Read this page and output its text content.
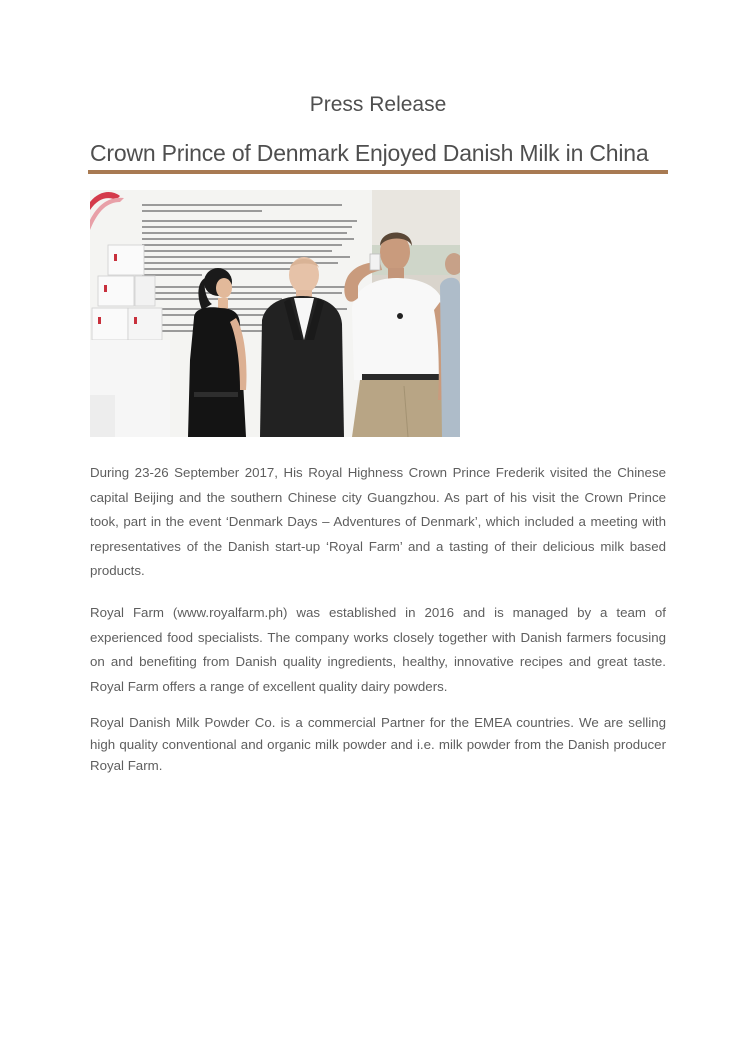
Press Release
Crown Prince of Denmark Enjoyed Danish Milk in China

During 23-26 September 2017, His Royal Highness Crown Prince Frederik visited the Chinese capital Beijing and the southern Chinese city Guangzhou. As part of his visit the Crown Prince took, part in the event ‘Denmark Days – Adventures of Denmark’, which included a meeting with representatives of the Danish start-up ‘Royal Farm’ and a tasting of their delicious milk based products.

Royal Farm (www.royalfarm.ph) was established in 2016 and is managed by a team of experienced food specialists. The company works closely together with Danish farmers focusing on and benefiting from Danish quality ingredients, healthy, innovative recipes and great taste. Royal Farm offers a range of excellent quality dairy powders.

Royal Danish Milk Powder Co. is a commercial Partner for the EMEA countries. We are selling high quality conventional and organic milk powder and i.e. milk powder from the Danish producer Royal Farm.
